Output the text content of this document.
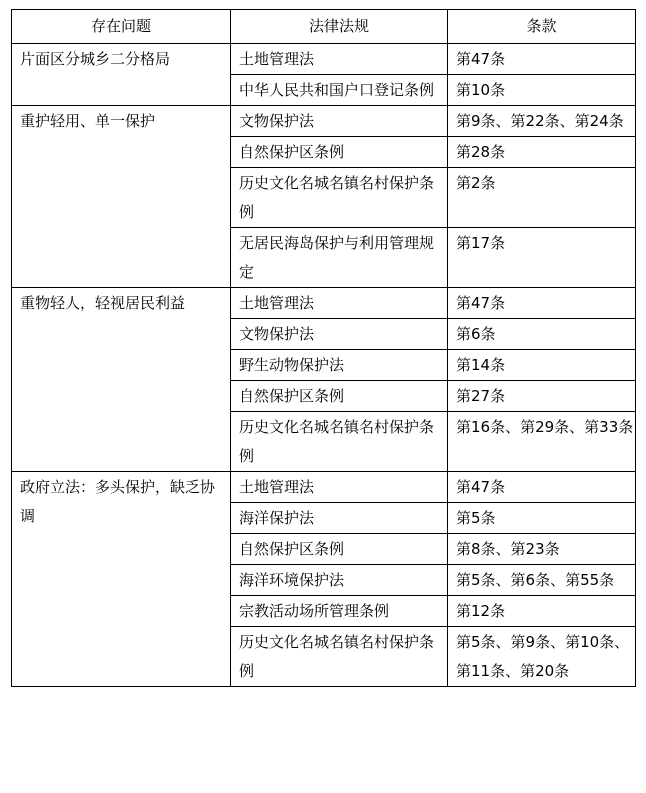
存在问题	法律法规	条款
片面区分城乡二分格局	土地管理法	第47条
	中华人民共和国户口登记条例	第10条
重护轻用、单一保护	文物保护法	第9条、第22条、第24条
	自然保护区条例	第28条
	历史文化名城名镇名村保护条例	第2条
	无居民海岛保护与利用管理规定	第17条
重物轻人，轻视居民利益	土地管理法	第47条
	文物保护法	第6条
	野生动物保护法	第14条
	自然保护区条例	第27条
	历史文化名城名镇名村保护条例	第16条、第29条、第33条
政府立法：多头保护，缺乏协调	土地管理法	第47条
	海洋保护法	第5条
	自然保护区条例	第8条、第23条
	海洋环境保护法	第5条、第6条、第55条
	宗教活动场所管理条例	第12条
	历史文化名城名镇名村保护条例	第5条、第9条、第10条、第11条、第20条
